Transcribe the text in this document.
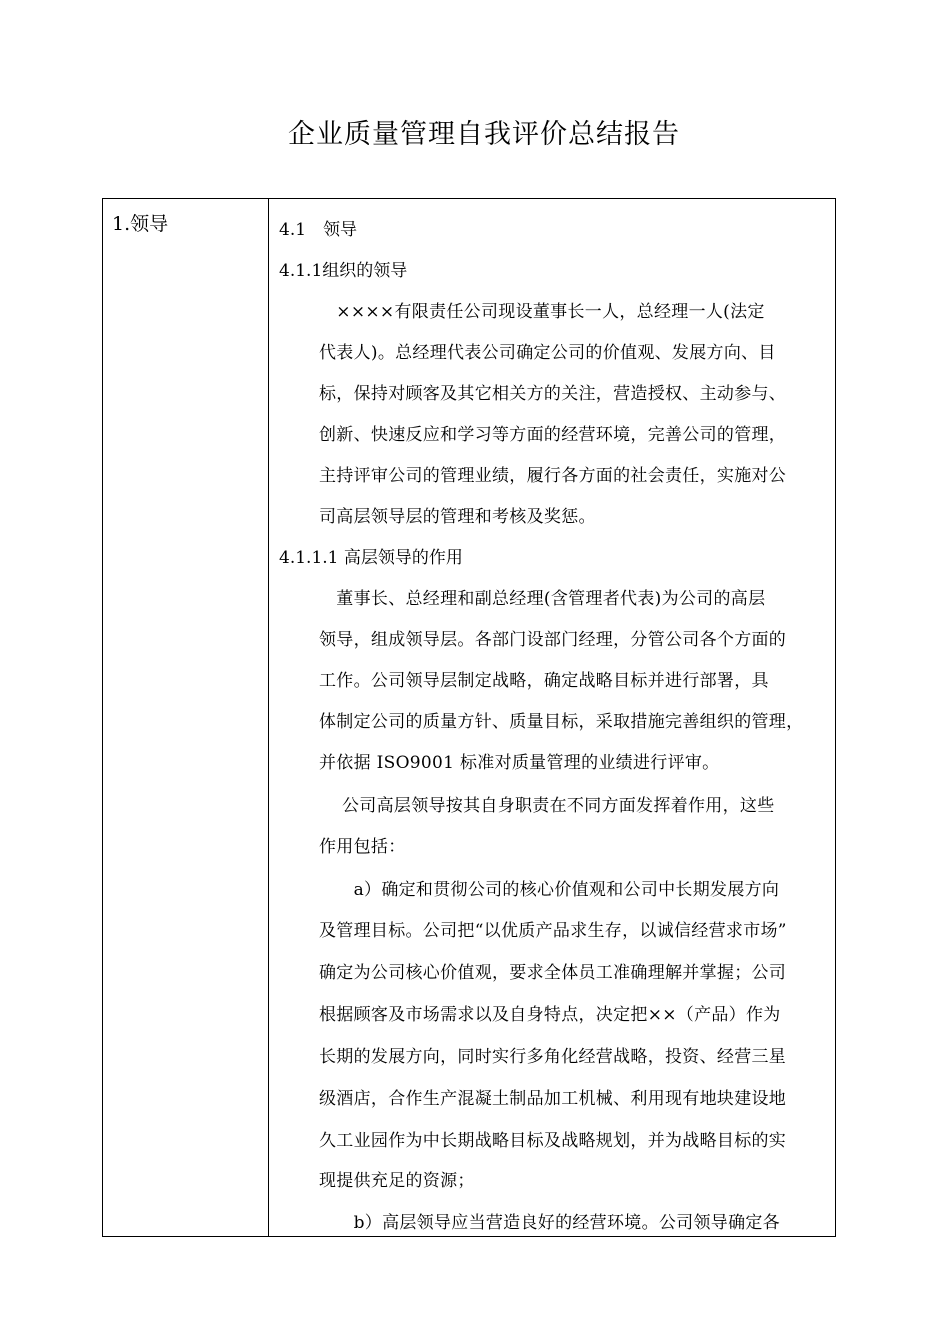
企业质量管理自我评价总结报告
1.领导	4.1　领导
4.1.1组织的领导
　××××有限责任公司现设董事长一人，总经理一人(法定
代表人)。总经理代表公司确定公司的价值观、发展方向、目
标，保持对顾客及其它相关方的关注，营造授权、主动参与、
创新、快速反应和学习等方面的经营环境，完善公司的管理，
主持评审公司的管理业绩，履行各方面的社会责任，实施对公
司高层领导层的管理和考核及奖惩。
4.1.1.1 高层领导的作用
　董事长、总经理和副总经理(含管理者代表)为公司的高层
领导，组成领导层。各部门设部门经理，分管公司各个方面的
工作。公司领导层制定战略，确定战略目标并进行部署，具
体制定公司的质量方针、质量目标，采取措施完善组织的管理，
并依据 ISO9001 标准对质量管理的业绩进行评审。
　 公司高层领导按其自身职责在不同方面发挥着作用，这些
作用包括：
　　a）确定和贯彻公司的核心价值观和公司中长期发展方向
及管理目标。公司把“以优质产品求生存，以诚信经营求市场”
确定为公司核心价值观，要求全体员工准确理解并掌握；公司
根据顾客及市场需求以及自身特点，决定把××（产品）作为
长期的发展方向，同时实行多角化经营战略，投资、经营三星
级酒店，合作生产混凝土制品加工机械、利用现有地块建设地
久工业园作为中长期战略目标及战略规划，并为战略目标的实
现提供充足的资源；
　　b）高层领导应当营造良好的经营环境。公司领导确定各
